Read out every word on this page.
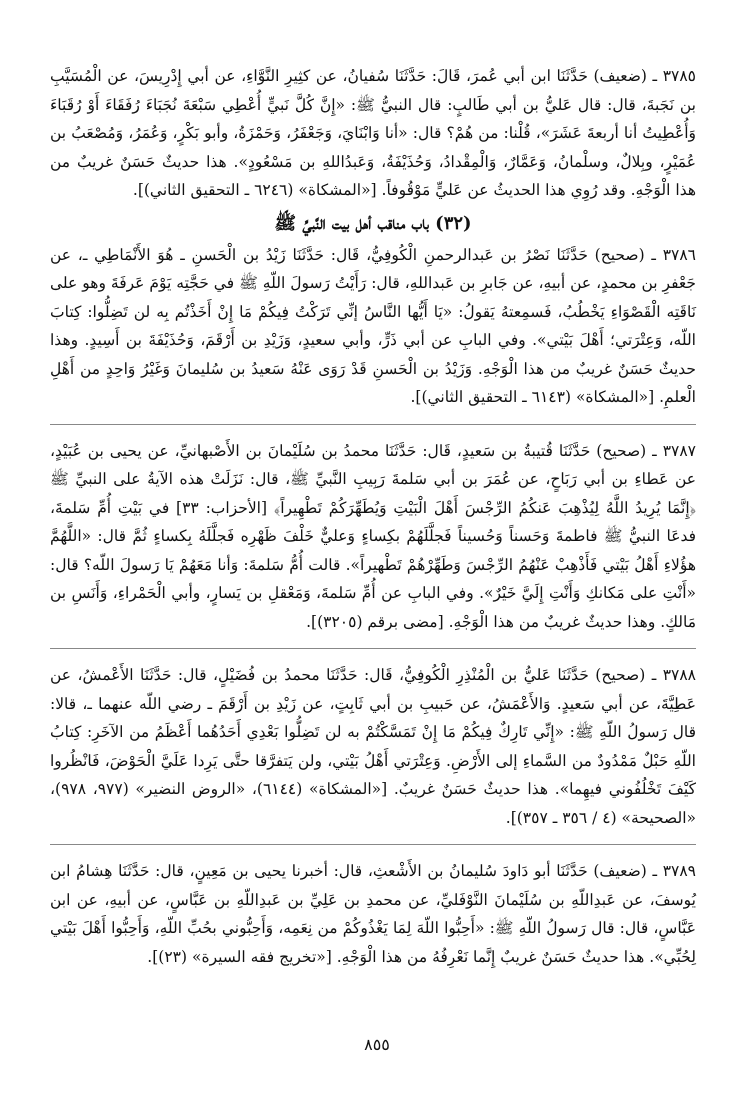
٣٧٨٥ ـ (ضعيف) حَدَّثَنَا ابن أبي عُمرَ، قَالَ: حَدَّثَنَا سُفيانُ، عن كثِيرِ النَّوَّاءِ، عن أبي إِدْرِيسَ، عن الْمُسَيَّبِ بن نَجَبةَ، قال: قال عَليُّ بن أبي طَالبٍ: قال النبيُّ ﷺ: «إِنَّ كُلَّ نَبيٍّ أُعْطِي سَبْعَةَ نُجَبَاءَ رُفَقَاءَ أَوْ رُقَبَاءَ وَأُعْطِيتُ أنا أربعةَ عَشَرَ»، قُلْنا: من هُمْ؟ قال: «أنا وَابْنَايَ، وَجَعْفَرُ، وَحَمْزَةُ، وأبو بَكْرٍ، وَعُمَرُ، وَمُصْعَبُ بن عُمَيْرٍ، وبِلالٌ، وسلْمانُ، وَعَمَّارٌ، وَالْمِقْدادُ، وَحُذَيْفَةُ، وَعَبدُاللهِ بن مَسْعُودٍ». هذا حديثٌ حَسَنٌ غريبٌ من هذا الْوَجْهِ. وقد رُوِي هذا الحديثُ عن عَليٍّ مَوْقُوفاً. [«المشكاة» (٦٢٤٦ ـ التحقيق الثاني)].

(٣٢) باب مناقب أهل بيت النَّبيِّ ﷺ

٣٧٨٦ ـ (صحيح) حَدَّثَنَا نَصْرُ بن عَبدالرحمنِ الْكُوفِيُّ، قَال: حَدَّثَنَا زَيْدُ بن الْحَسنِ ـ هُوَ الأَنْمَاطِي ـ، عن جَعْفرِ بن محمدٍ، عن أبيهِ، عن جَابرِ بن عَبداللهِ، قال: رَأَيْتُ رَسولَ اللّهِ ﷺ في حَجَّتِه يَوْمَ عَرفَةَ وهو على نَاقَتِه الْقَصْوَاءِ يَخْطُبُ، فَسمِعتهُ يَقولُ: «يَا أَيُّها النَّاسُ إنِّي تَرَكْتُ فِيكُمْ مَا إِنْ أَخَذْتُم بِه لن تَضِلُّوا: كِتابَ اللّه، وَعِتْرَتي؛ أَهْلَ بَيْتي». وفي البابِ عن أبي ذَرٍّ، وأبي سعيدٍ، وَزَيْدِ بن أَرْقَمَ، وَحُذَيْفَةَ بن أَسِيدٍ. وهذا حديثٌ حَسَنٌ غريبٌ من هذا الْوَجْهِ. وَزَيْدُ بن الْحَسنِ قَدْ رَوَى عَنْهُ سَعيدُ بن سُليمانَ وَغَيْرُ وَاحِدٍ من أَهْلِ الْعلمِ. [«المشكاة» (٦١٤٣ ـ التحقيق الثاني)].

٣٧٨٧ ـ (صحيح) حَدَّثَنَا قُتيبةُ بن سَعيدٍ، قَال: حَدَّثَنَا محمدُ بن سُلَيْمانَ بن الأَصْبهانيِّ، عن يحيى بن عُبَيْدٍ، عن عَطاءِ بن أبي رَبَاحٍ، عن عُمَرَ بن أبي سَلمةَ رَبِيبِ النَّبيِّ ﷺ، قال: نَزَلَتْ هذه الآيةُ على النبيِّ ﷺ ﴿إِنَّمَا يُرِيدُ اللَّهُ لِيُذْهِبَ عَنكُمُ الرِّجْسَ أَهْلَ الْبَيْتِ وَيُطَهِّرَكُمْ تَطْهِيراً﴾ [الأحزاب: ٣٣] في بَيْتِ أُمِّ سَلمةَ، فدعَا النبيُّ ﷺ فاطمةَ وَحَسناً وَحُسيناً فَجلَّلَهُمْ بكِساءٍ وَعليٌّ خَلْفَ ظَهْرِه فَجلَّلَهُ بِكساءٍ ثُمَّ قال: «اللَّهُمَّ هؤُلاءِ أَهْلُ بَيْتي فَأَذْهِبْ عَنْهُمُ الرِّجْسَ وَطَهِّرْهُمْ تَطْهيراً». قالت أُمُّ سَلمةَ: وَأنا مَعَهُمْ يَا رَسولَ اللّه؟ قال: «أَنْتِ على مَكانكِ وَأَنْتِ إِلَيَّ خَيْرٌ». وفي البابِ عن أُمِّ سَلمةَ، وَمَعْقلِ بن يَسارٍ، وأبي الْحَمْراءِ، وَأَنَسِ بن مَالكٍ. وهذا حديثٌ غريبٌ من هذا الْوَجْهِ. [مضى برقم (٣٢٠٥)].

٣٧٨٨ ـ (صحيح) حَدَّثَنَا عَليُّ بن الْمُنْذِرِ الْكُوفِيُّ، قَال: حَدَّثَنَا محمدُ بن فُضَيْلٍ، قال: حَدَّثَنَا الأَعْمشُ، عن عَطِيَّةَ، عن أبي سَعيدٍ. وَالأَعْمَشُ، عن حَبيبِ بن أبي ثَابِتٍ، عن زَيْدِ بن أَرْقَمَ ـ رضي اللّه عنهما ـ، قالا: قال رَسولُ اللّهِ ﷺ: «إِنِّي تَارِكٌ فِيكُمْ مَا إِنْ تَمَسَّكْتُمْ به لن تَضِلُّوا بَعْدِي أَحَدُهُما أَعْظَمُ من الآخَرِ: كِتابُ اللّهِ حَبْلٌ مَمْدُودٌ من السَّماءِ إلى الأَرْضِ. وَعِتْرَتي أَهْلُ بَيْتي، ولن يَتفرَّقا حتَّى يَرِدا عَلَيَّ الْحَوْضَ، فَانْظُروا كَيْفَ تَخْلُفُوني فيهِما». هذا حديثٌ حَسَنٌ غريبٌ. [«المشكاة» (٦١٤٤)، «الروض النضير» (٩٧٧، ٩٧٨)، «الصحيحة» (٤ / ٣٥٦ ـ ٣٥٧)].

٣٧٨٩ ـ (ضعيف) حَدَّثَنَا أبو دَاودَ سُليمانُ بن الأَشْعثِ، قال: أخبرنا يحيى بن مَعِينٍ، قال: حَدَّثَنَا هِشامُ ابن يُوسفَ، عن عَبدِاللّهِ بن سُلَيْمانَ النَّوْفَليِّ، عن محمدِ بن عَلِيِّ بن عَبدِاللّهِ بن عَبَّاسٍ، عن أبيهِ، عن ابن عَبَّاسٍ، قال: قال رَسولُ اللّهِ ﷺ: «أَحِبُّوا اللّهَ لِمَا يَغْذُوكُمْ من نِعَمِه، وَأَحِبُّوني بحُبِّ اللّهِ، وَأَحِبُّوا أَهْلَ بَيْتي لِحُبِّي». هذا حديثٌ حَسَنٌ غريبٌ إِنَّما نَعْرِفُهُ من هذا الْوَجْهِ. [«تخريج فقه السيرة» (٢٣)].

٨٥٥
